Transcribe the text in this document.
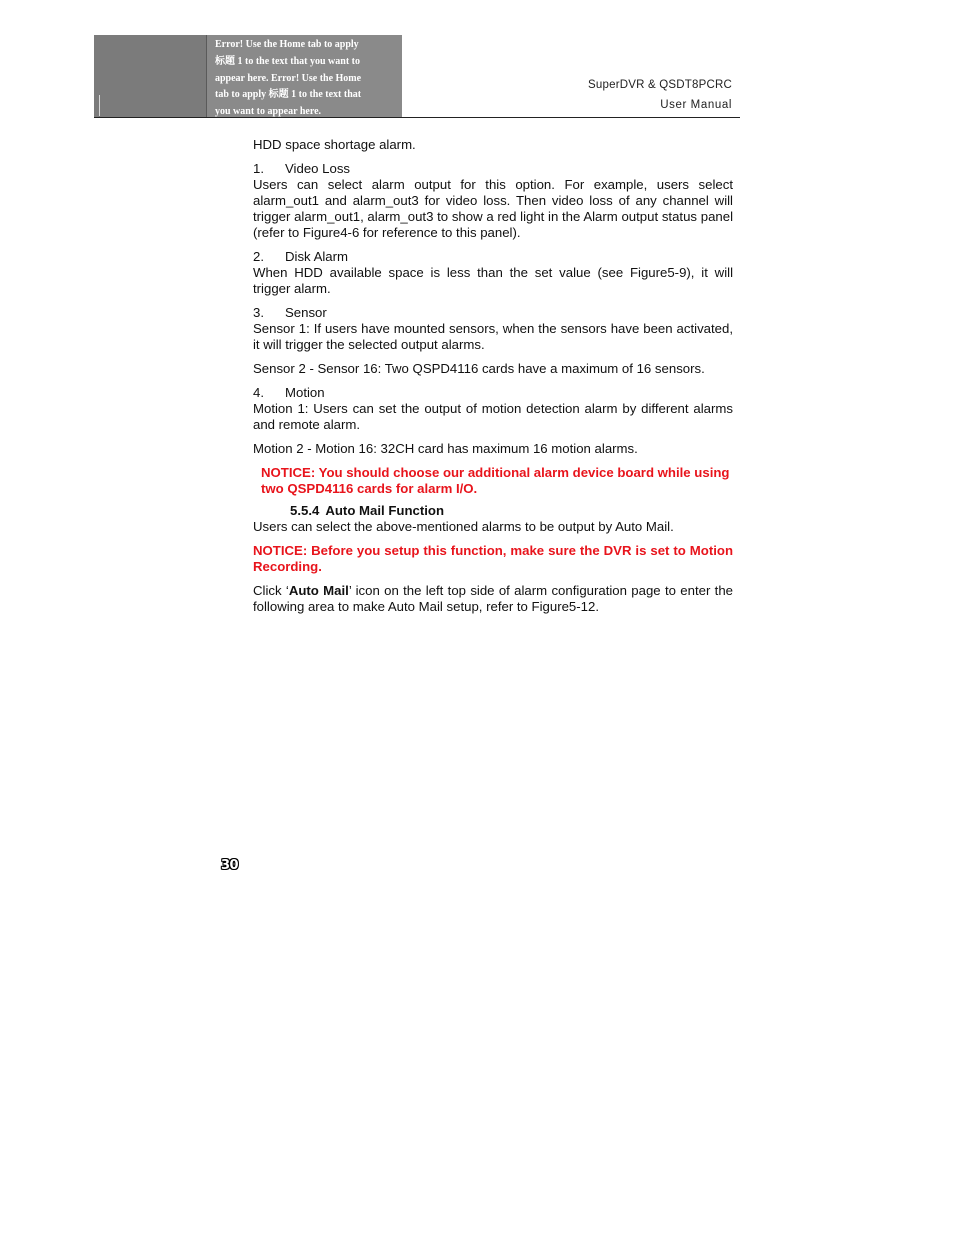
Error! Use the Home tab to apply
标题 1 to the text that you want to
appear here. Error! Use the Home
tab to apply 标题 1 to the text that
you want to appear here.
SuperDVR & QSDT8PCRC
User Manual

HDD space shortage alarm.

1.	Video Loss

Users can select alarm output for this option. For example, users select alarm_out1 and alarm_out3 for video loss. Then video loss of any channel will trigger alarm_out1, alarm_out3 to show a red light in the Alarm output status panel (refer to Figure4-6 for reference to this panel).

2.	Disk Alarm

When HDD available space is less than the set value (see Figure5-9), it will trigger alarm.

3.	Sensor

Sensor 1: If users have mounted sensors, when the sensors have been activated, it will trigger the selected output alarms.

Sensor 2 - Sensor 16: Two QSPD4116 cards have a maximum of 16 sensors.

4.	Motion

Motion 1: Users can set the output of motion detection alarm by different alarms and remote alarm.

Motion 2 - Motion 16: 32CH card has maximum 16 motion alarms.

NOTICE: You should choose our additional alarm device board while using two QSPD4116 cards for alarm I/O.

5.5.4 Auto Mail Function

Users can select the above-mentioned alarms to be output by Auto Mail.

NOTICE: Before you setup this function, make sure the DVR is set to Motion Recording.

Click ‘Auto Mail’ icon on the left top side of alarm configuration page to enter the following area to make Auto Mail setup, refer to Figure5-12.

30
